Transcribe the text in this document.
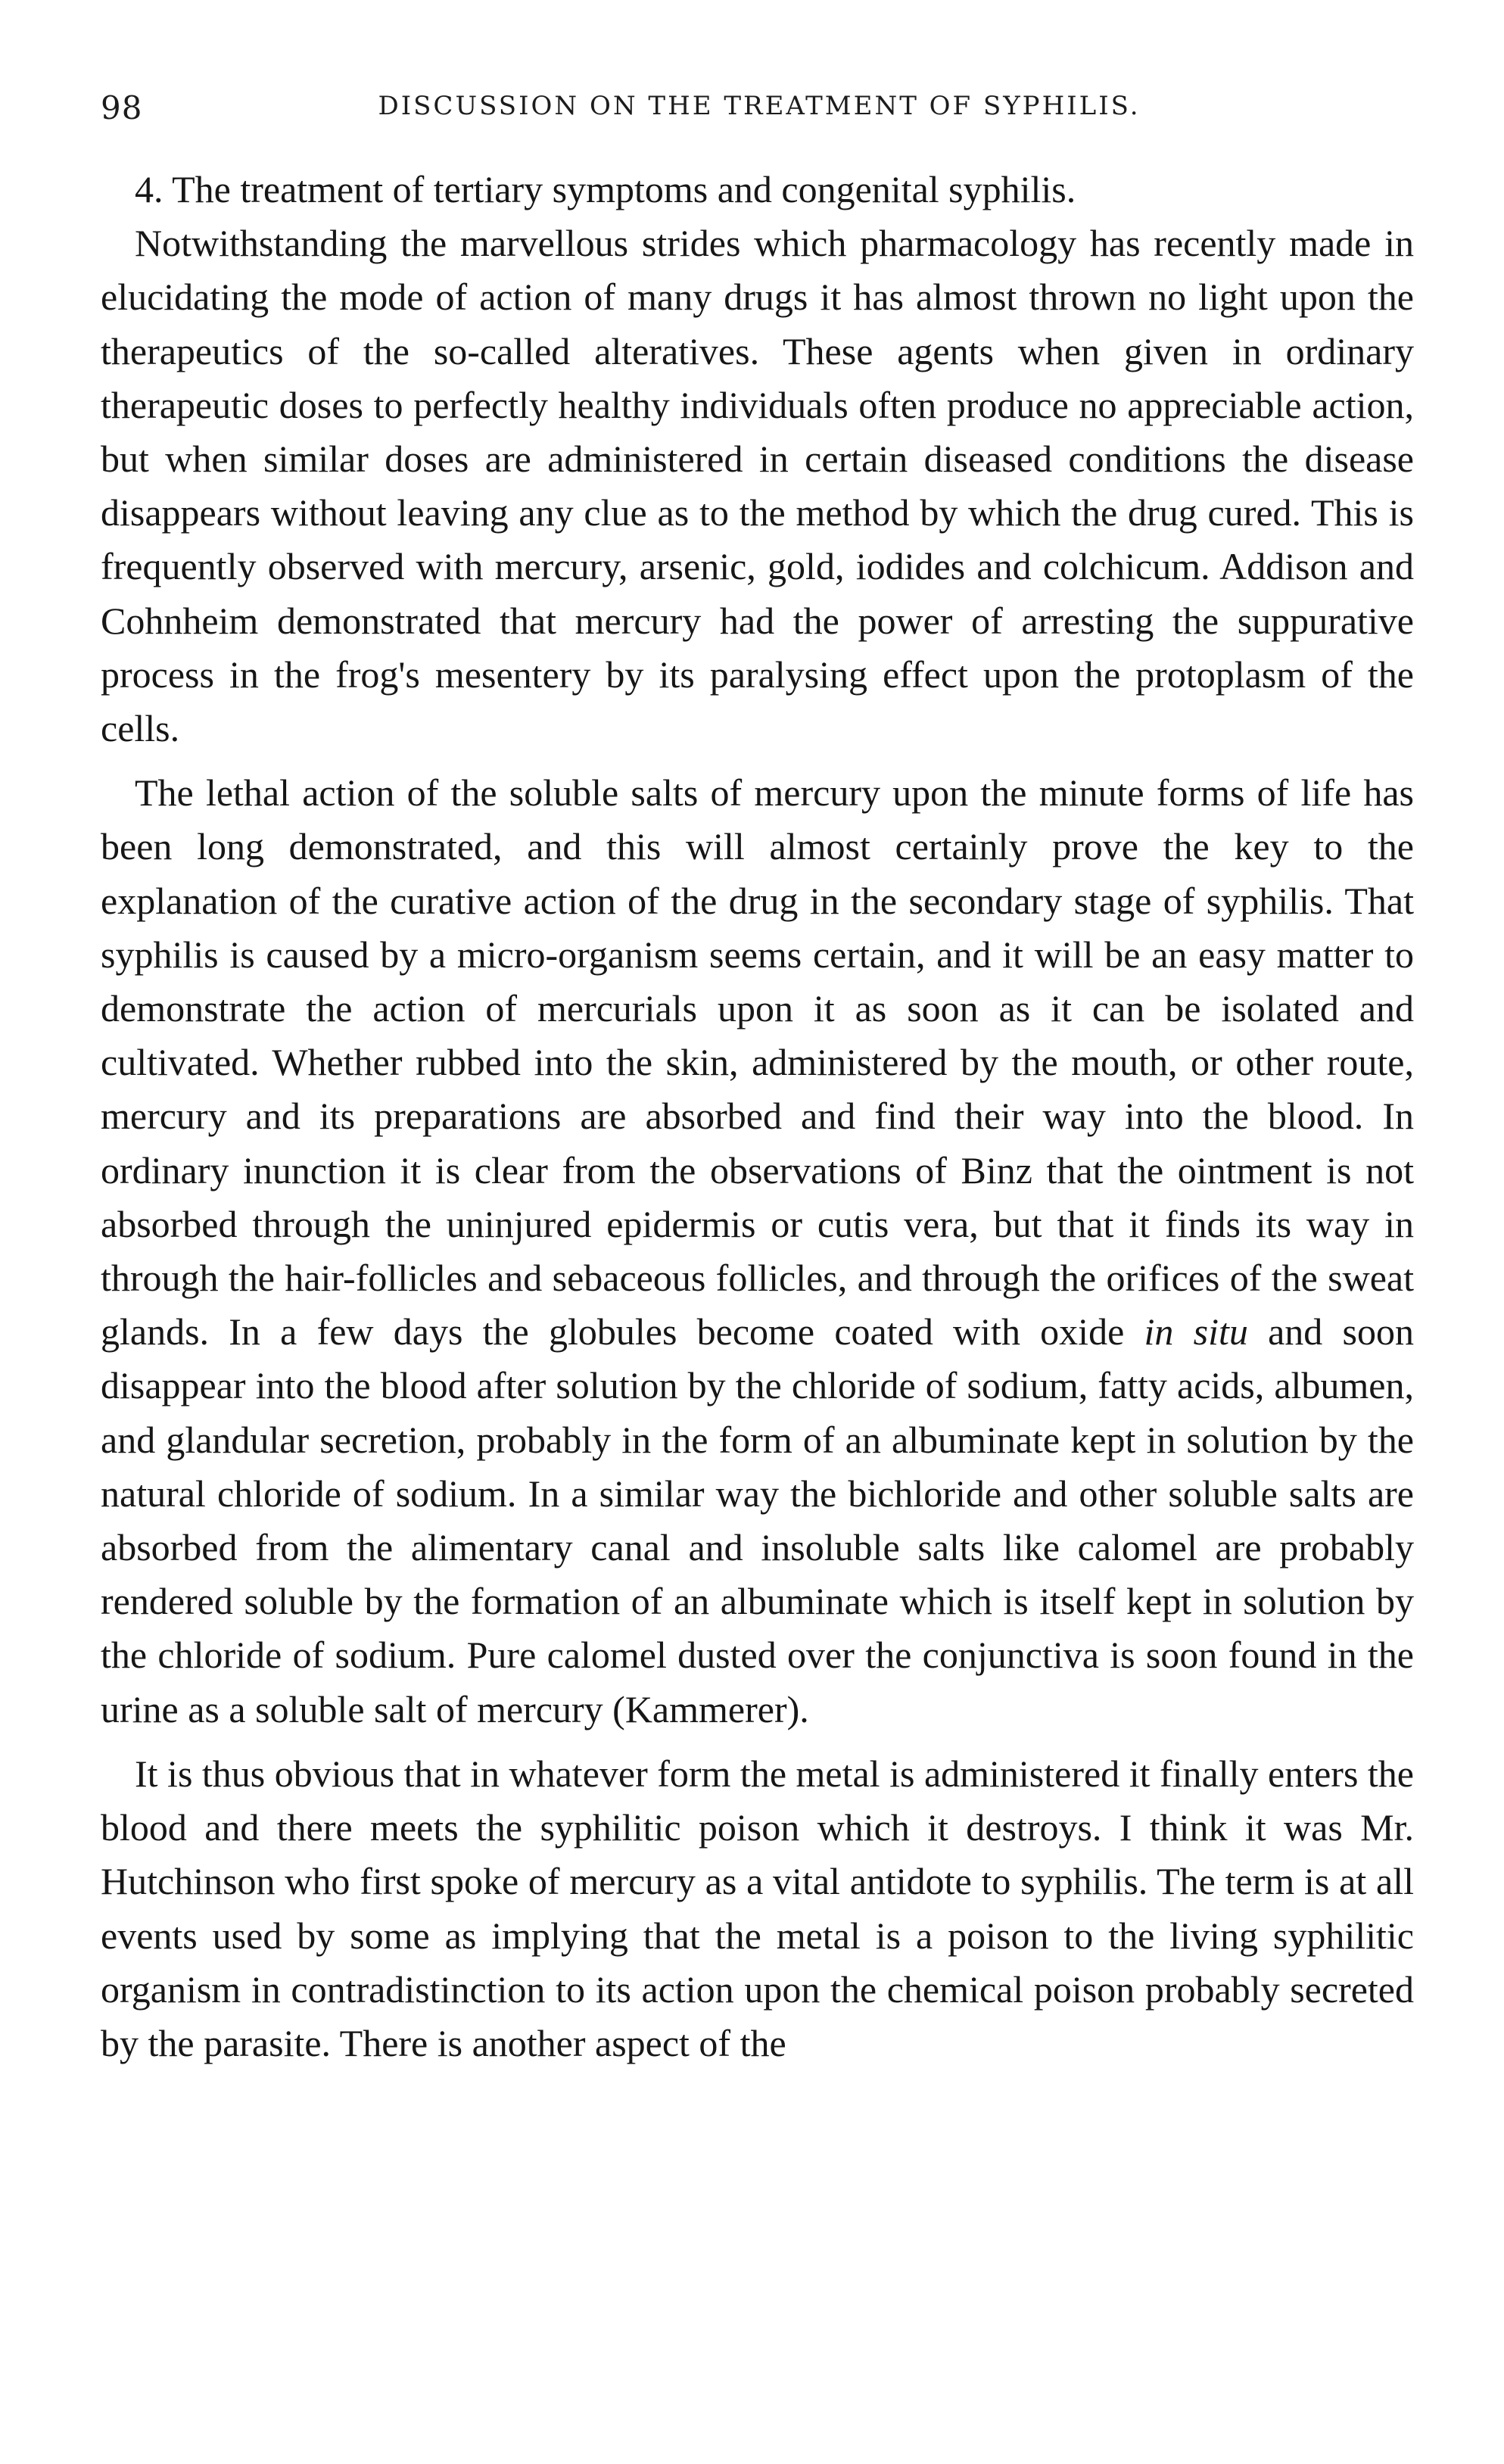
98	DISCUSSION ON THE TREATMENT OF SYPHILIS.

4. The treatment of tertiary symptoms and congenital syphilis.

Notwithstanding the marvellous strides which pharmacology has recently made in elucidating the mode of action of many drugs it has almost thrown no light upon the therapeutics of the so-called alteratives. These agents when given in ordinary therapeutic doses to perfectly healthy individuals often produce no appreciable action, but when similar doses are administered in certain diseased conditions the disease disappears without leaving any clue as to the method by which the drug cured. This is frequently observed with mercury, arsenic, gold, iodides and colchicum. Addison and Cohnheim demonstrated that mercury had the power of arresting the suppurative process in the frog's mesentery by its paralysing effect upon the protoplasm of the cells.

The lethal action of the soluble salts of mercury upon the minute forms of life has been long demonstrated, and this will almost certainly prove the key to the explanation of the curative action of the drug in the secondary stage of syphilis. That syphilis is caused by a micro-organism seems certain, and it will be an easy matter to demonstrate the action of mercurials upon it as soon as it can be isolated and cultivated. Whether rubbed into the skin, administered by the mouth, or other route, mercury and its preparations are absorbed and find their way into the blood. In ordinary inunction it is clear from the observations of Binz that the ointment is not absorbed through the uninjured epidermis or cutis vera, but that it finds its way in through the hair-follicles and sebaceous follicles, and through the orifices of the sweat glands. In a few days the globules become coated with oxide in situ and soon disappear into the blood after solution by the chloride of sodium, fatty acids, albumen, and glandular secretion, probably in the form of an albuminate kept in solution by the natural chloride of sodium. In a similar way the bichloride and other soluble salts are absorbed from the alimentary canal and insoluble salts like calomel are probably rendered soluble by the formation of an albuminate which is itself kept in solution by the chloride of sodium. Pure calomel dusted over the conjunctiva is soon found in the urine as a soluble salt of mercury (Kammerer).

It is thus obvious that in whatever form the metal is administered it finally enters the blood and there meets the syphilitic poison which it destroys. I think it was Mr. Hutchinson who first spoke of mercury as a vital antidote to syphilis. The term is at all events used by some as implying that the metal is a poison to the living syphilitic organism in contradistinction to its action upon the chemical poison probably secreted by the parasite. There is another aspect of the
